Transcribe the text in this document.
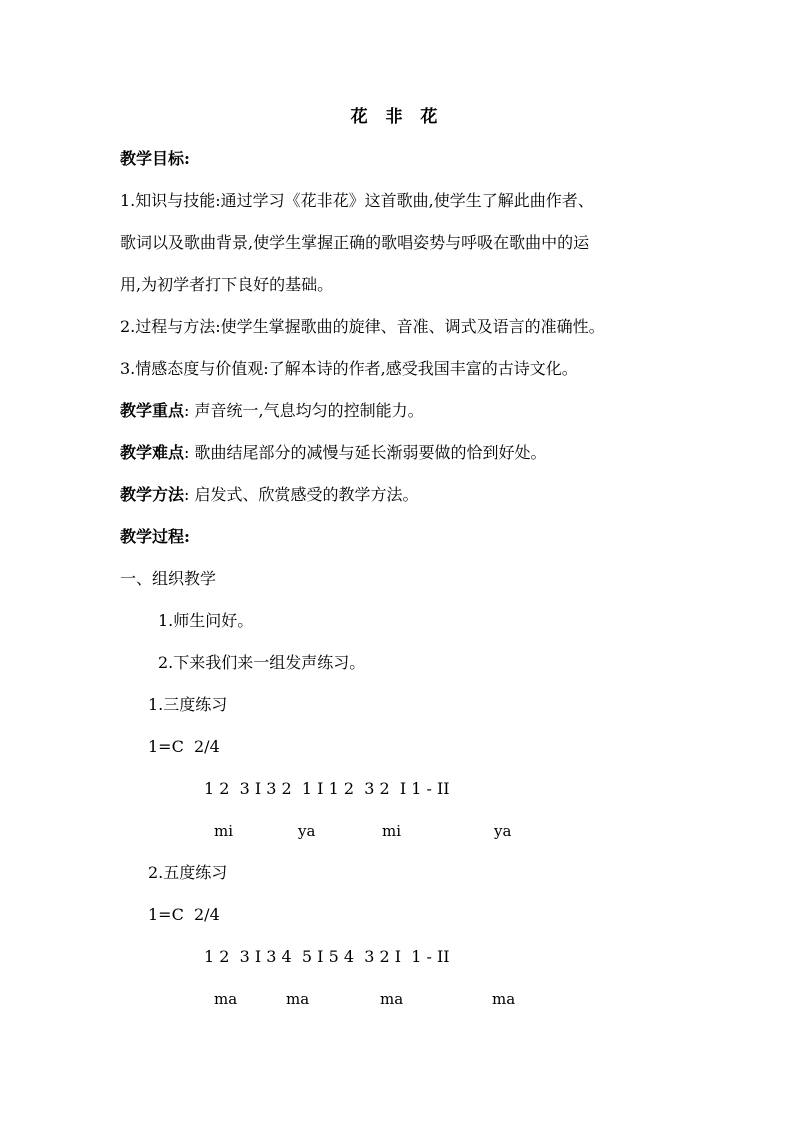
花 非 花
教学目标:
1.知识与技能:通过学习《花非花》这首歌曲,使学生了解此曲作者、
歌词以及歌曲背景,使学生掌握正确的歌唱姿势与呼吸在歌曲中的运
用,为初学者打下良好的基础。
2.过程与方法:使学生掌握歌曲的旋律、音准、调式及语言的准确性。
3.情感态度与价值观:了解本诗的作者,感受我国丰富的古诗文化。
教学重点: 声音统一,气息均匀的控制能力。
教学难点: 歌曲结尾部分的减慢与延长渐弱要做的恰到好处。
教学方法: 启发式、欣赏感受的教学方法。
教学过程:
一、组织教学
1.师生问好。
2.下来我们来一组发声练习。
1.三度练习
1=C  2/4
1 2  3 I 3 2  1 I 1 2  3 2  I 1 - II
mi	ya	mi	ya
2.五度练习
1=C  2/4
1 2  3 I 3 4  5 I 5 4  3 2 I  1 - II
ma	ma	ma	ma
